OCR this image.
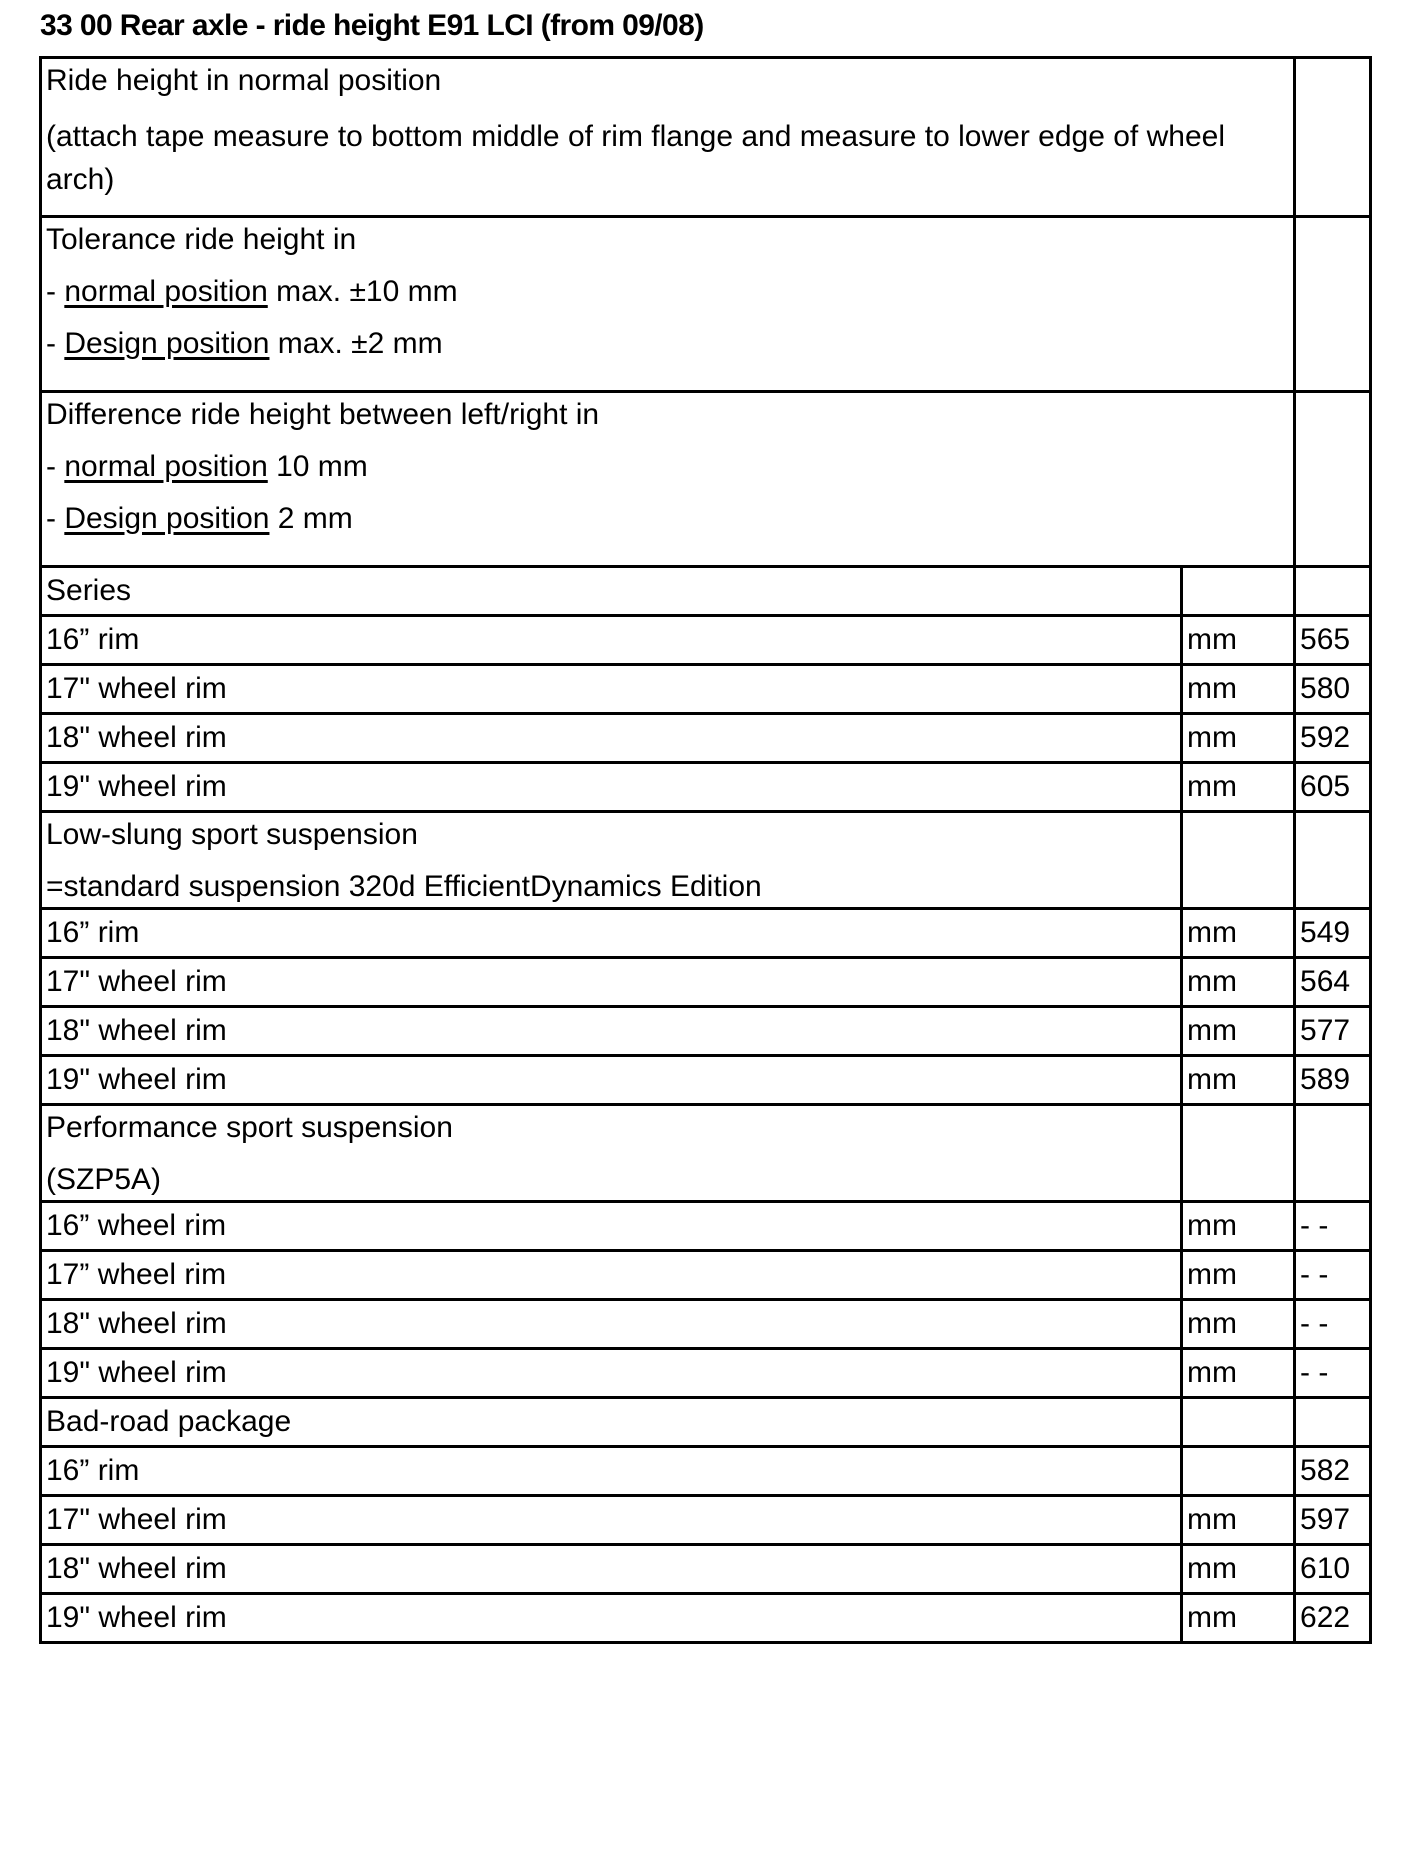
33 00 Rear axle - ride height E91 LCI (from 09/08)
Ride height in normal position
(attach tape measure to bottom middle of rim flange and measure to lower edge of wheel arch)		

Tolerance ride height in
- normal position max. ±10 mm
- Design position max. ±2 mm		

Difference ride height between left/right in
- normal position 10 mm
- Design position 2 mm		

Series		
16” rim	mm	565
17" wheel rim	mm	580
18" wheel rim	mm	592
19" wheel rim	mm	605

Low-slung sport suspension
=standard suspension 320d EfficientDynamics Edition		

16” rim	mm	549
17" wheel rim	mm	564
18" wheel rim	mm	577
19" wheel rim	mm	589

Performance sport suspension
(SZP5A)		

16” wheel rim	mm	- -
17” wheel rim	mm	- -
18" wheel rim	mm	- -
19" wheel rim	mm	- -
Bad-road package		
16” rim		582
17" wheel rim	mm	597
18" wheel rim	mm	610
19" wheel rim	mm	622
